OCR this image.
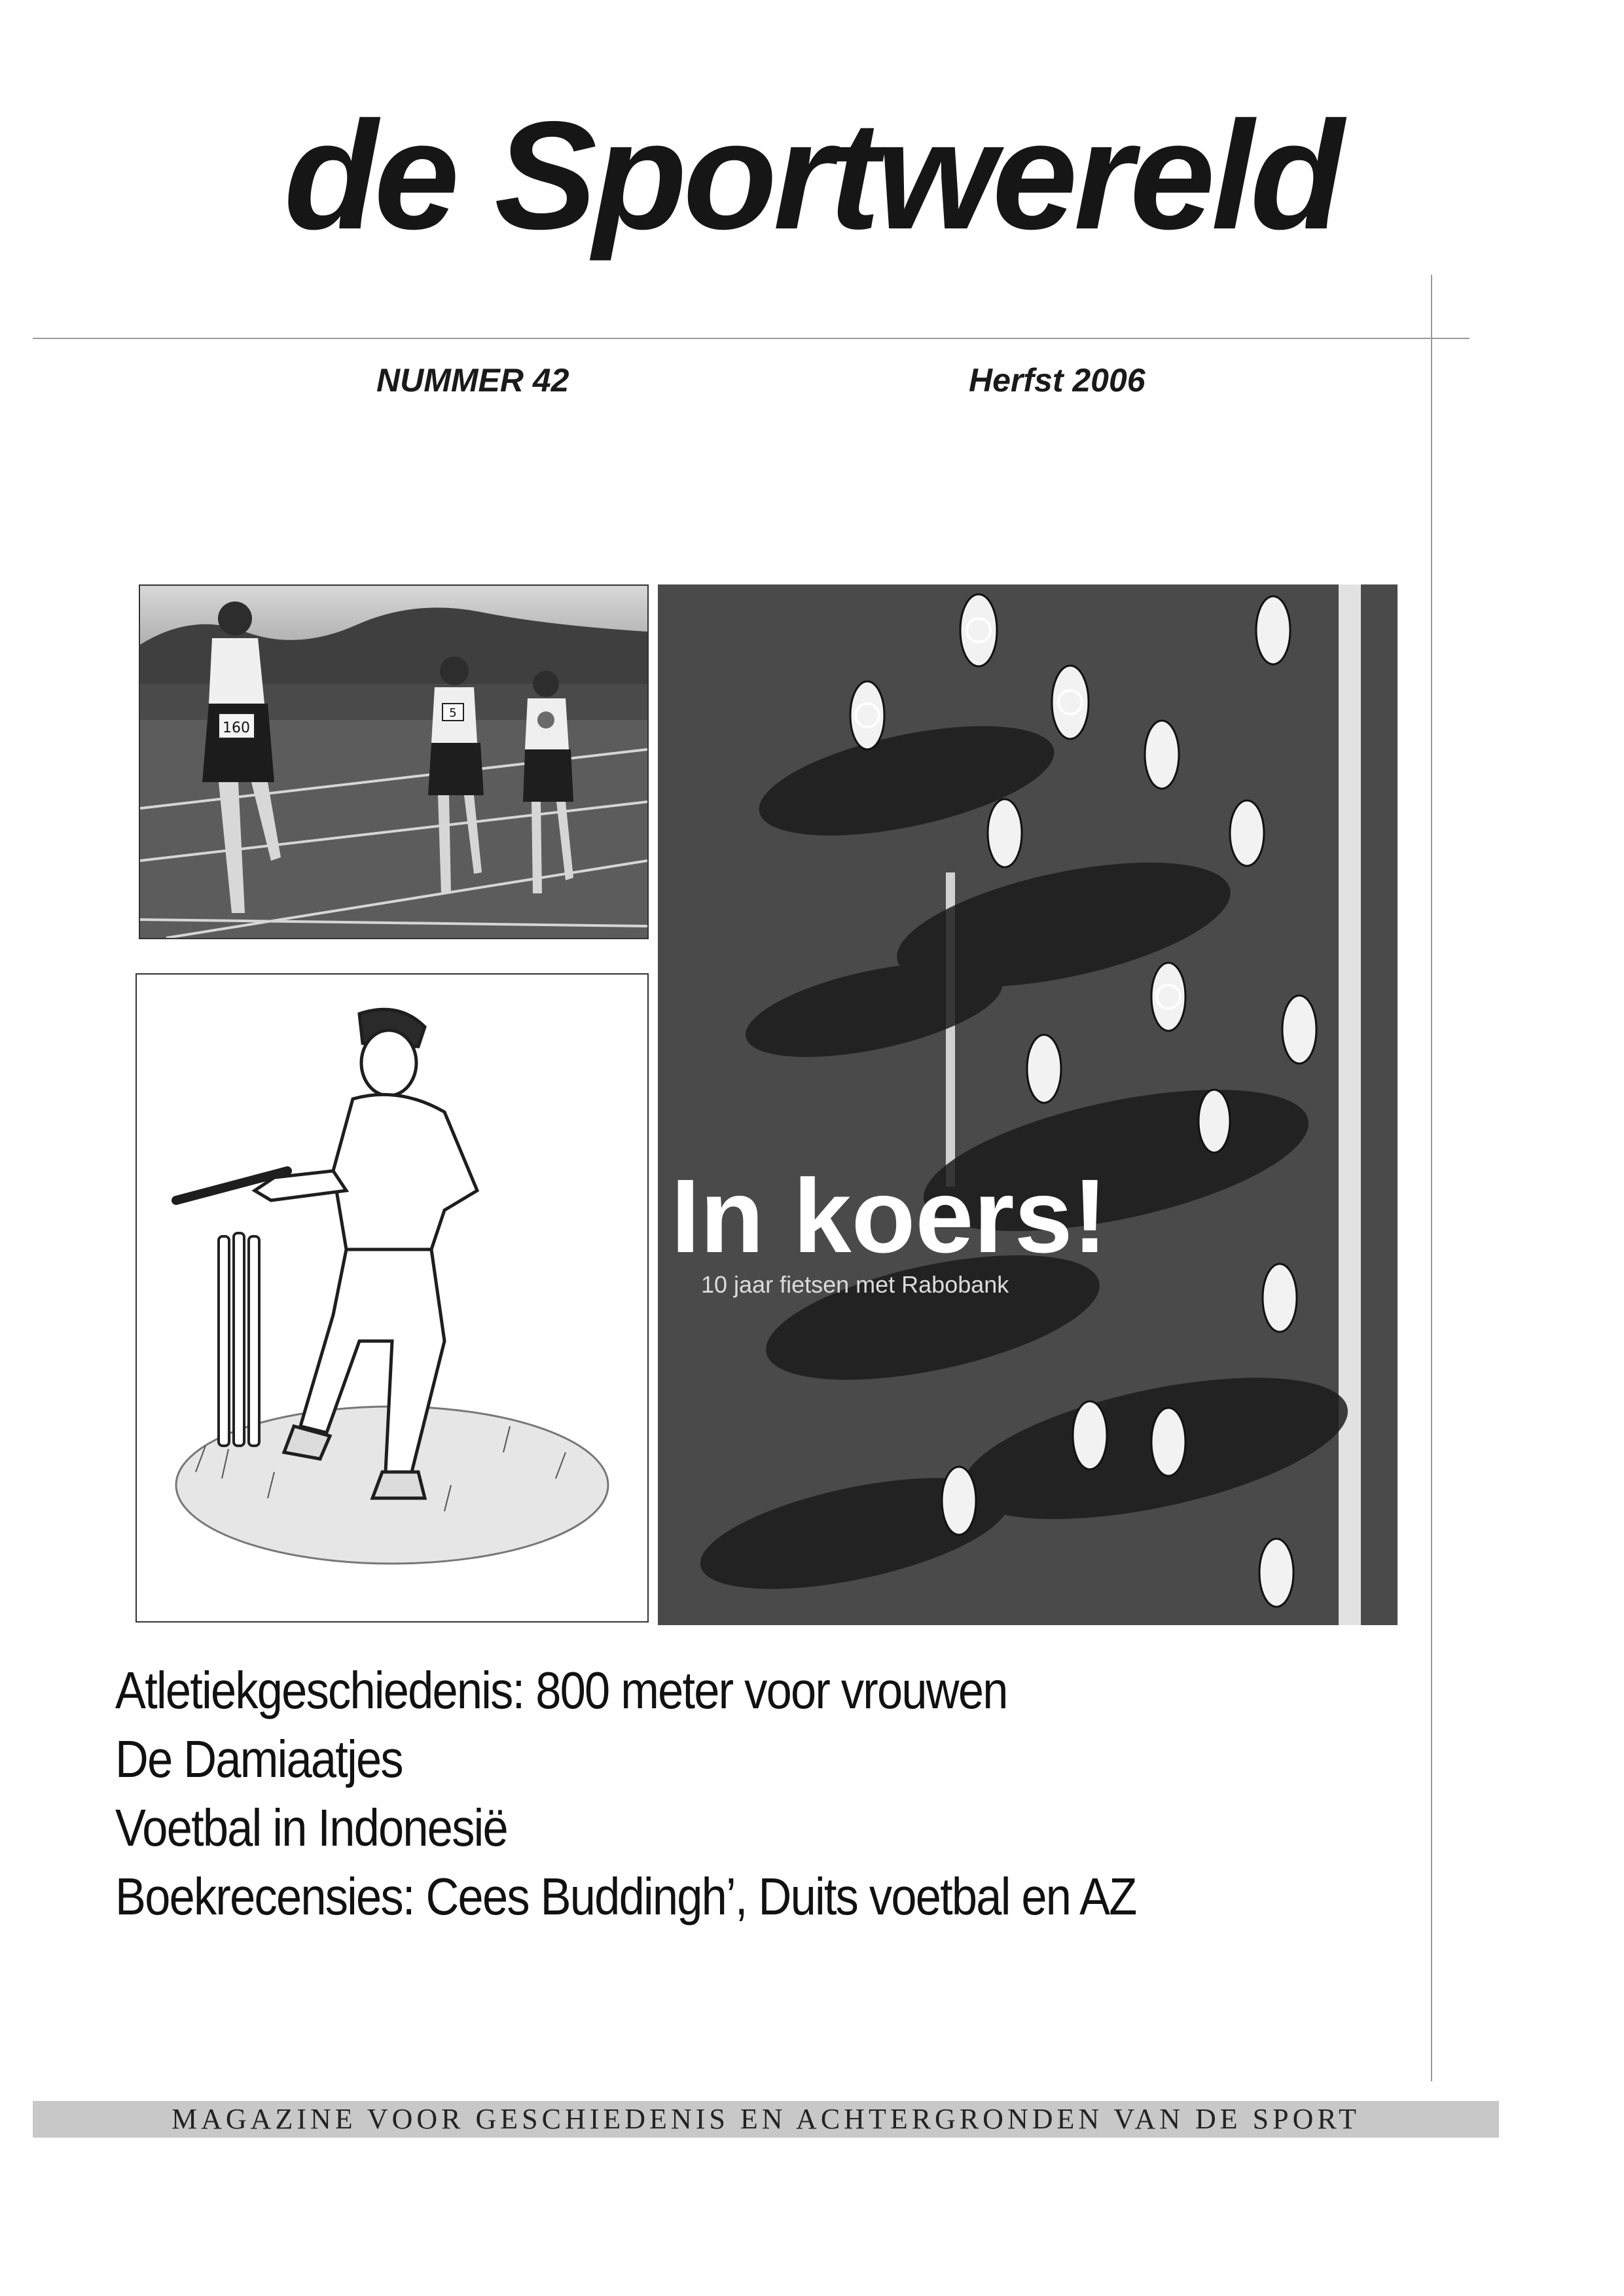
de Sportwereld
NUMMER 42	Herfst 2006
160
5
In koers!
10 jaar fietsen met Rabobank
Atletiekgeschiedenis: 800 meter voor vrouwen
De Damiaatjes
Voetbal in Indonesië
Boekrecensies: Cees Buddingh’, Duits voetbal en AZ
MAGAZINE VOOR GESCHIEDENIS EN ACHTERGRONDEN VAN DE SPORT
